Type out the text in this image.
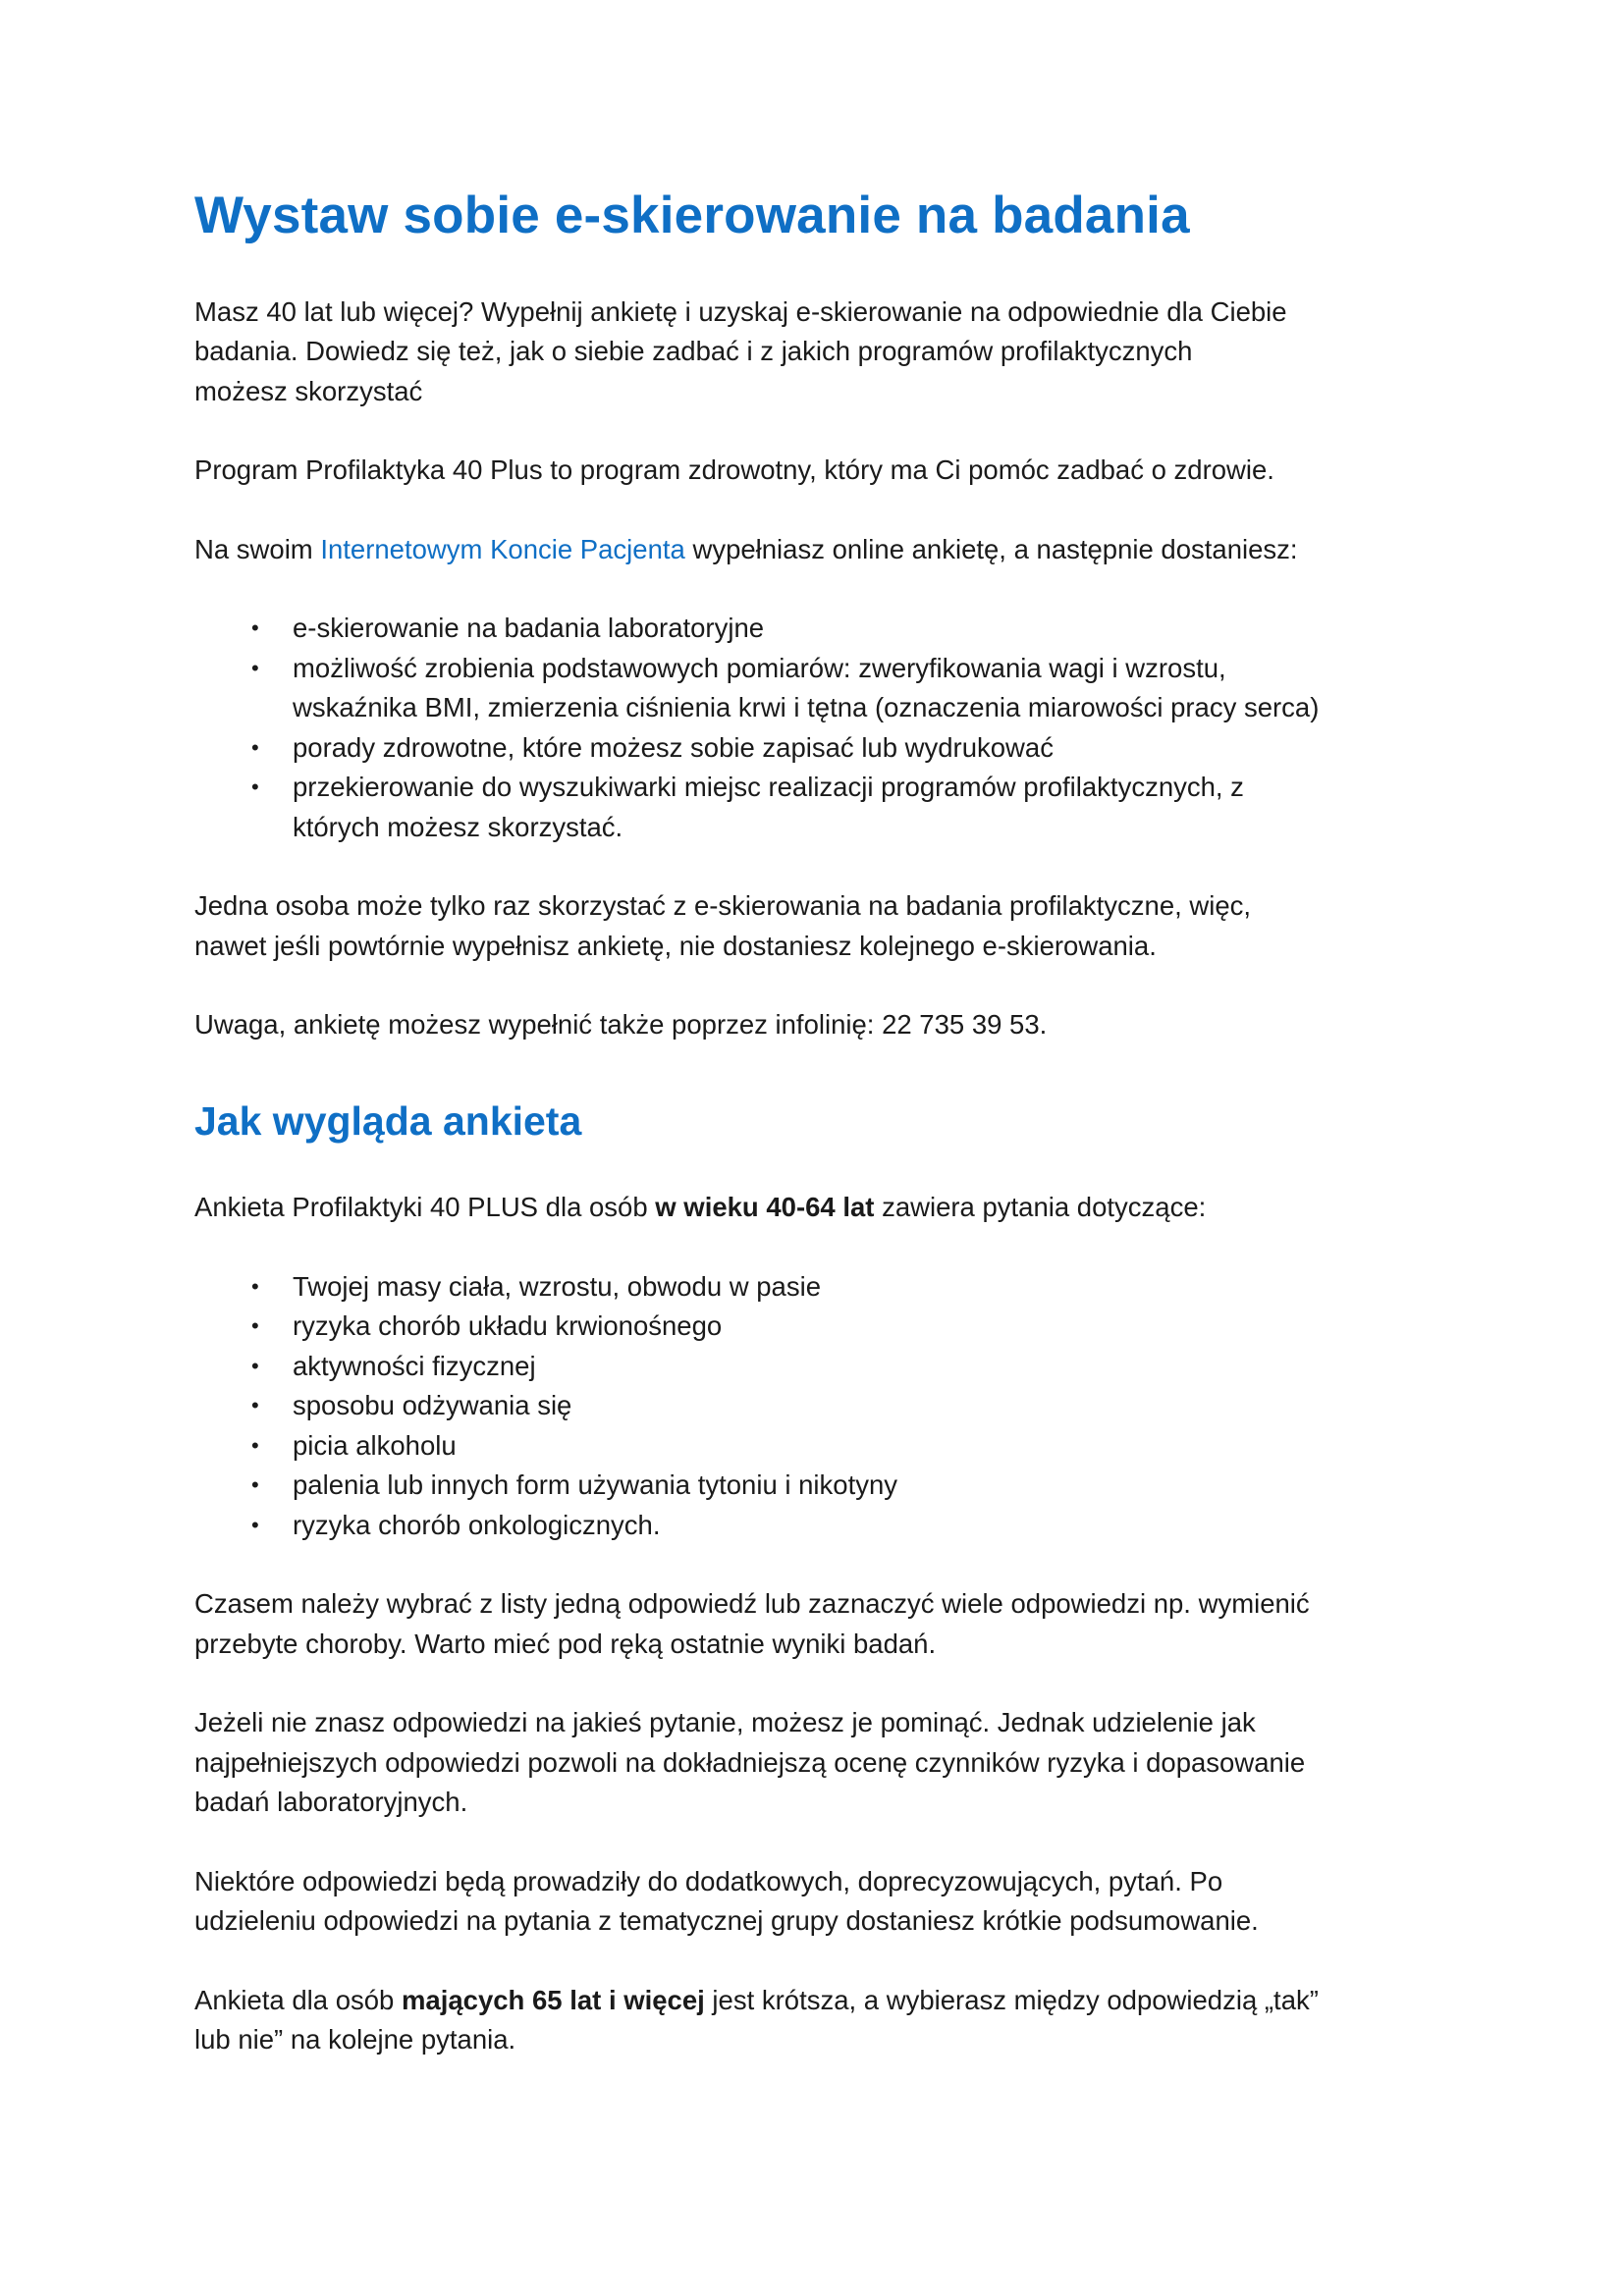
Wystaw sobie e-skierowanie na badania

Masz 40 lat lub więcej? Wypełnij ankietę i uzyskaj e-skierowanie na odpowiednie dla Ciebie
badania. Dowiedz się też, jak o siebie zadbać i z jakich programów profilaktycznych
możesz skorzystać

Program Profilaktyka 40 Plus to program zdrowotny, który ma Ci pomóc zadbać o zdrowie.

Na swoim Internetowym Koncie Pacjenta wypełniasz online ankietę, a następnie dostaniesz:

• e-skierowanie na badania laboratoryjne
• możliwość zrobienia podstawowych pomiarów: zweryfikowania wagi i wzrostu,
wskaźnika BMI, zmierzenia ciśnienia krwi i tętna (oznaczenia miarowości pracy serca)
• porady zdrowotne, które możesz sobie zapisać lub wydrukować
• przekierowanie do wyszukiwarki miejsc realizacji programów profilaktycznych, z
których możesz skorzystać.

Jedna osoba może tylko raz skorzystać z e-skierowania na badania profilaktyczne, więc,
nawet jeśli powtórnie wypełnisz ankietę, nie dostaniesz kolejnego e-skierowania.

Uwaga, ankietę możesz wypełnić także poprzez infolinię: 22 735 39 53.

Jak wygląda ankieta

Ankieta Profilaktyki 40 PLUS dla osób w wieku 40-64 lat zawiera pytania dotyczące:

• Twojej masy ciała, wzrostu, obwodu w pasie
• ryzyka chorób układu krwionośnego
• aktywności fizycznej
• sposobu odżywania się
• picia alkoholu
• palenia lub innych form używania tytoniu i nikotyny
• ryzyka chorób onkologicznych.

Czasem należy wybrać z listy jedną odpowiedź lub zaznaczyć wiele odpowiedzi np. wymienić
przebyte choroby. Warto mieć pod ręką ostatnie wyniki badań.

Jeżeli nie znasz odpowiedzi na jakieś pytanie, możesz je pominąć. Jednak udzielenie jak
najpełniejszych odpowiedzi pozwoli na dokładniejszą ocenę czynników ryzyka i dopasowanie
badań laboratoryjnych.

Niektóre odpowiedzi będą prowadziły do dodatkowych, doprecyzowujących, pytań. Po
udzieleniu odpowiedzi na pytania z tematycznej grupy dostaniesz krótkie podsumowanie.

Ankieta dla osób mających 65 lat i więcej jest krótsza, a wybierasz między odpowiedzią „tak”
lub nie” na kolejne pytania.
